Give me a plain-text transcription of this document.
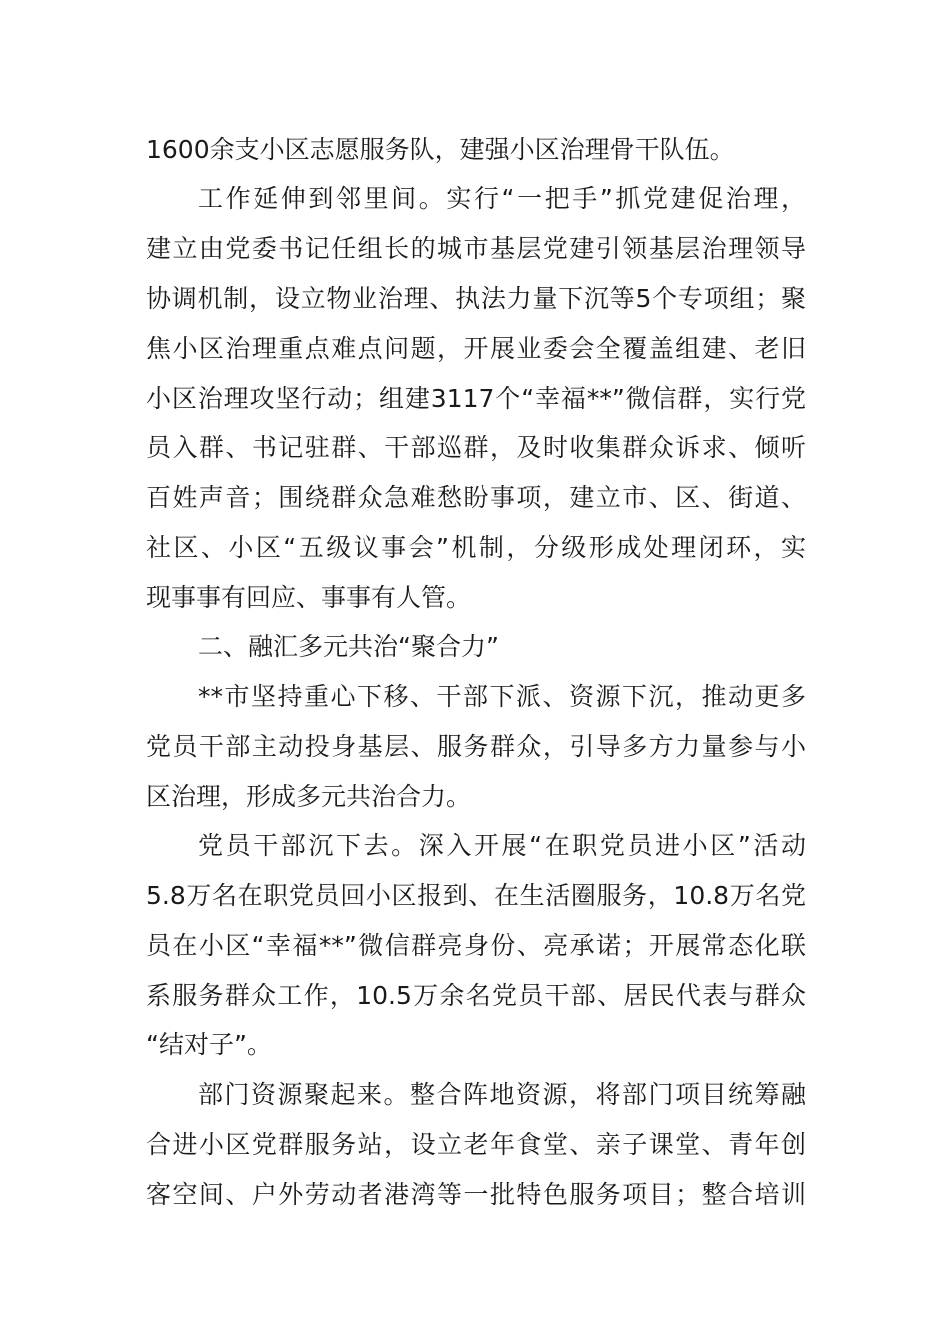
1600余支小区志愿服务队，建强小区治理骨干队伍。
工作延伸到邻里间。实行“一把手”抓党建促治理，
建立由党委书记任组长的城市基层党建引领基层治理领导
协调机制，设立物业治理、执法力量下沉等5个专项组；聚
焦小区治理重点难点问题，开展业委会全覆盖组建、老旧
小区治理攻坚行动；组建3117个“幸福**”微信群，实行党
员入群、书记驻群、干部巡群，及时收集群众诉求、倾听
百姓声音；围绕群众急难愁盼事项，建立市、区、街道、
社区、小区“五级议事会”机制，分级形成处理闭环，实
现事事有回应、事事有人管。
二、融汇多元共治“聚合力”
**市坚持重心下移、干部下派、资源下沉，推动更多
党员干部主动投身基层、服务群众，引导多方力量参与小
区治理，形成多元共治合力。
党员干部沉下去。深入开展“在职党员进小区”活动
5.8万名在职党员回小区报到、在生活圈服务，10.8万名党
员在小区“幸福**”微信群亮身份、亮承诺；开展常态化联
系服务群众工作，10.5万余名党员干部、居民代表与群众
“结对子”。
部门资源聚起来。整合阵地资源，将部门项目统筹融
合进小区党群服务站，设立老年食堂、亲子课堂、青年创
客空间、户外劳动者港湾等一批特色服务项目；整合培训
